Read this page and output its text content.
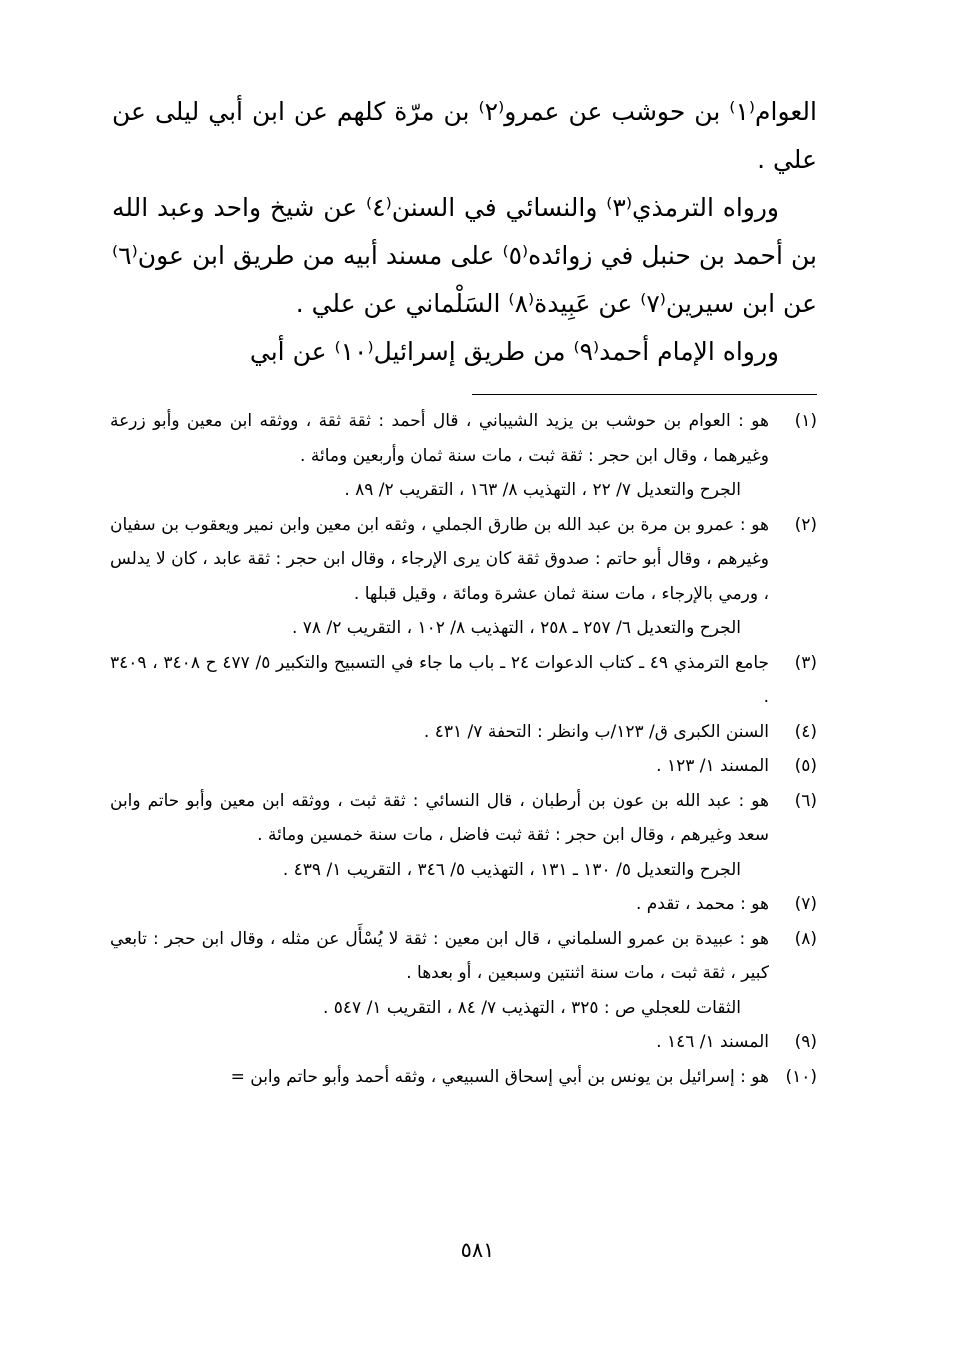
العوام⁽١⁾ بن حوشب عن عمرو⁽٢⁾ بن مرّة كلهم عن ابن أبي ليلى عن علي .

ورواه الترمذي⁽٣⁾ والنسائي في السنن⁽٤⁾ عن شيخ واحد وعبد الله بن أحمد بن حنبل في زوائده⁽٥⁾ على مسند أبيه من طريق ابن عون⁽٦⁾ عن ابن سيرين⁽٧⁾ عن عَبِيدة⁽٨⁾ السَلْماني عن علي .

ورواه الإمام أحمد⁽٩⁾ من طريق إسرائيل⁽١٠⁾ عن أبي

(١)
هو : العوام بن حوشب بن يزيد الشيباني ، قال أحمد : ثقة ثقة ، ووثقه ابن معين وأبو زرعة وغيرهما ، وقال ابن حجر : ثقة ثبت ، مات سنة ثمان وأربعين ومائة .
الجرح والتعديل ٧/ ٢٢ ، التهذيب ٨/ ١٦٣ ، التقريب ٢/ ٨٩ .
(٢)
هو : عمرو بن مرة بن عبد الله بن طارق الجملي ، وثقه ابن معين وابن نمير ويعقوب بن سفيان وغيرهم ، وقال أبو حاتم : صدوق ثقة كان يرى الإرجاء ، وقال ابن حجر : ثقة عابد ، كان لا يدلس ، ورمي بالإرجاء ، مات سنة ثمان عشرة ومائة ، وقيل قبلها .
الجرح والتعديل ٦/ ٢٥٧ ـ ٢٥٨ ، التهذيب ٨/ ١٠٢ ، التقريب ٢/ ٧٨ .
(٣)
جامع الترمذي ٤٩ ـ كتاب الدعوات ٢٤ ـ باب ما جاء في التسبيح والتكبير ٥/ ٤٧٧ ح ٣٤٠٨ ، ٣٤٠٩ .
(٤)
السنن الكبرى ق/ ١٢٣/ب وانظر : التحفة ٧/ ٤٣١ .
(٥)
المسند ١/ ١٢٣ .
(٦)
هو : عبد الله بن عون بن أرطبان ، قال النسائي : ثقة ثبت ، ووثقه ابن معين وأبو حاتم وابن سعد وغيرهم ، وقال ابن حجر : ثقة ثبت فاضل ، مات سنة خمسين ومائة .
الجرح والتعديل ٥/ ١٣٠ ـ ١٣١ ، التهذيب ٥/ ٣٤٦ ، التقريب ١/ ٤٣٩ .
(٧)
هو : محمد ، تقدم .
(٨)
هو : عبيدة بن عمرو السلماني ، قال ابن معين : ثقة لا يُسْأَل عن مثله ، وقال ابن حجر : تابعي كبير ، ثقة ثبت ، مات سنة اثنتين وسبعين ، أو بعدها .
الثقات للعجلي ص : ٣٢٥ ، التهذيب ٧/ ٨٤ ، التقريب ١/ ٥٤٧ .
(٩)
المسند ١/ ١٤٦ .
(١٠)
هو : إسرائيل بن يونس بن أبي إسحاق السبيعي ، وثقه أحمد وأبو حاتم وابن =
٥٨١
